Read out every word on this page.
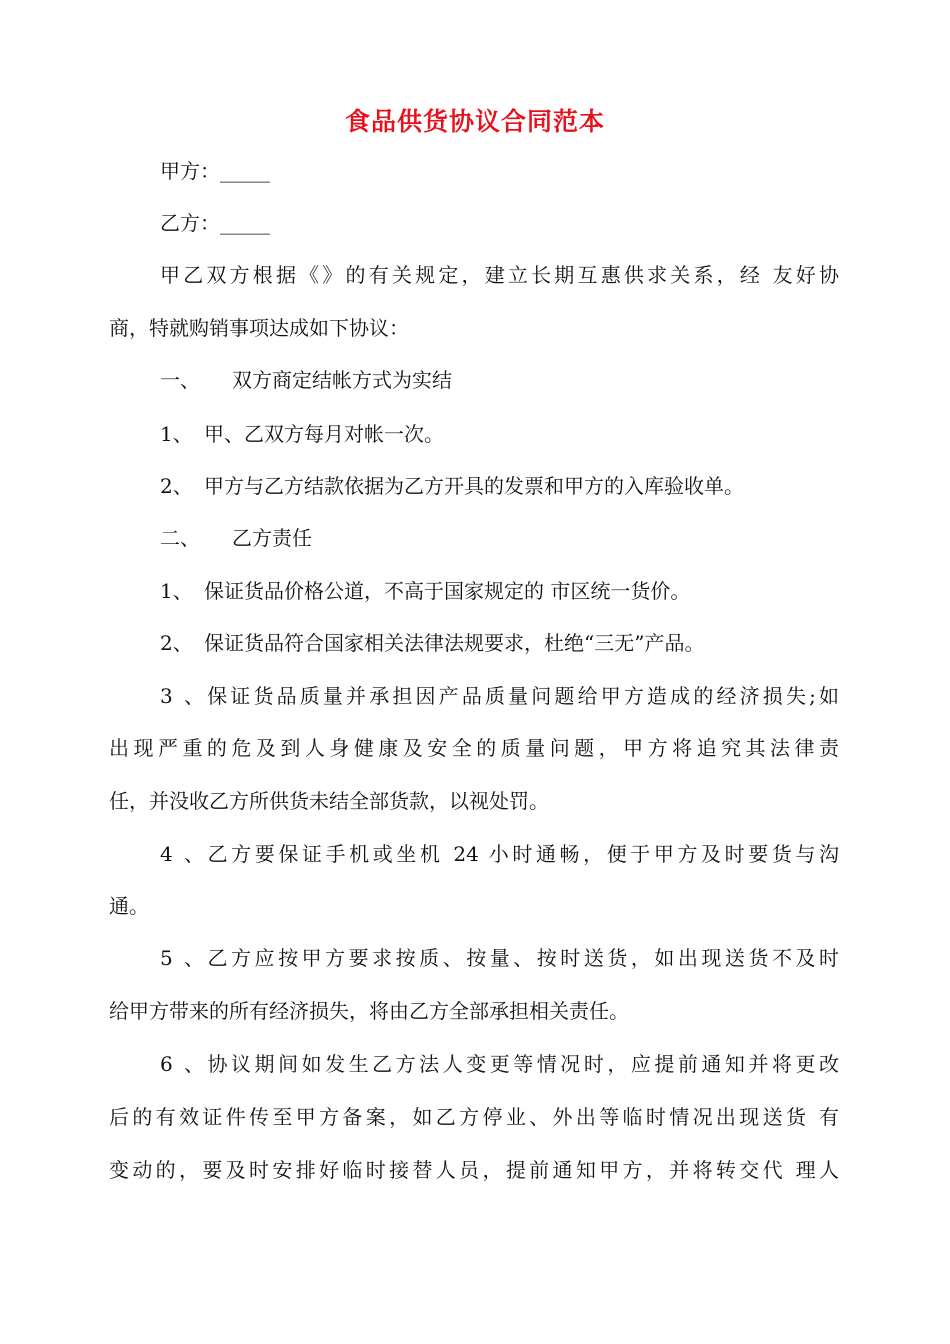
食品供货协议合同范本
甲方：_____
乙方：_____
甲乙双方根据《》的有关规定，建立长期互惠供求关系，经 友好协
商，特就购销事项达成如下协议：
一、 双方商定结帐方式为实结
1、 甲、乙双方每月对帐一次。
2、 甲方与乙方结款依据为乙方开具的发票和甲方的入库验收单。
二、 乙方责任
1、 保证货品价格公道，不高于国家规定的 市区统一货价。
2、 保证货品符合国家相关法律法规要求，杜绝“三无”产品。
3、保证货品质量并承担因产品质量问题给甲方造成的经济损失;如
出现严重的危及到人身健康及安全的质量问题，甲方将追究其法律责
任，并没收乙方所供货未结全部货款，以视处罚。
4、乙方要保证手机或坐机 24 小时通畅，便于甲方及时要货与沟
通。
5、乙方应按甲方要求按质、按量、按时送货，如出现送货不及时
给甲方带来的所有经济损失，将由乙方全部承担相关责任。
6、协议期间如发生乙方法人变更等情况时，应提前通知并将更改
后的有效证件传至甲方备案，如乙方停业、外出等临时情况出现送货 有
变动的，要及时安排好临时接替人员，提前通知甲方，并将转交代 理人
